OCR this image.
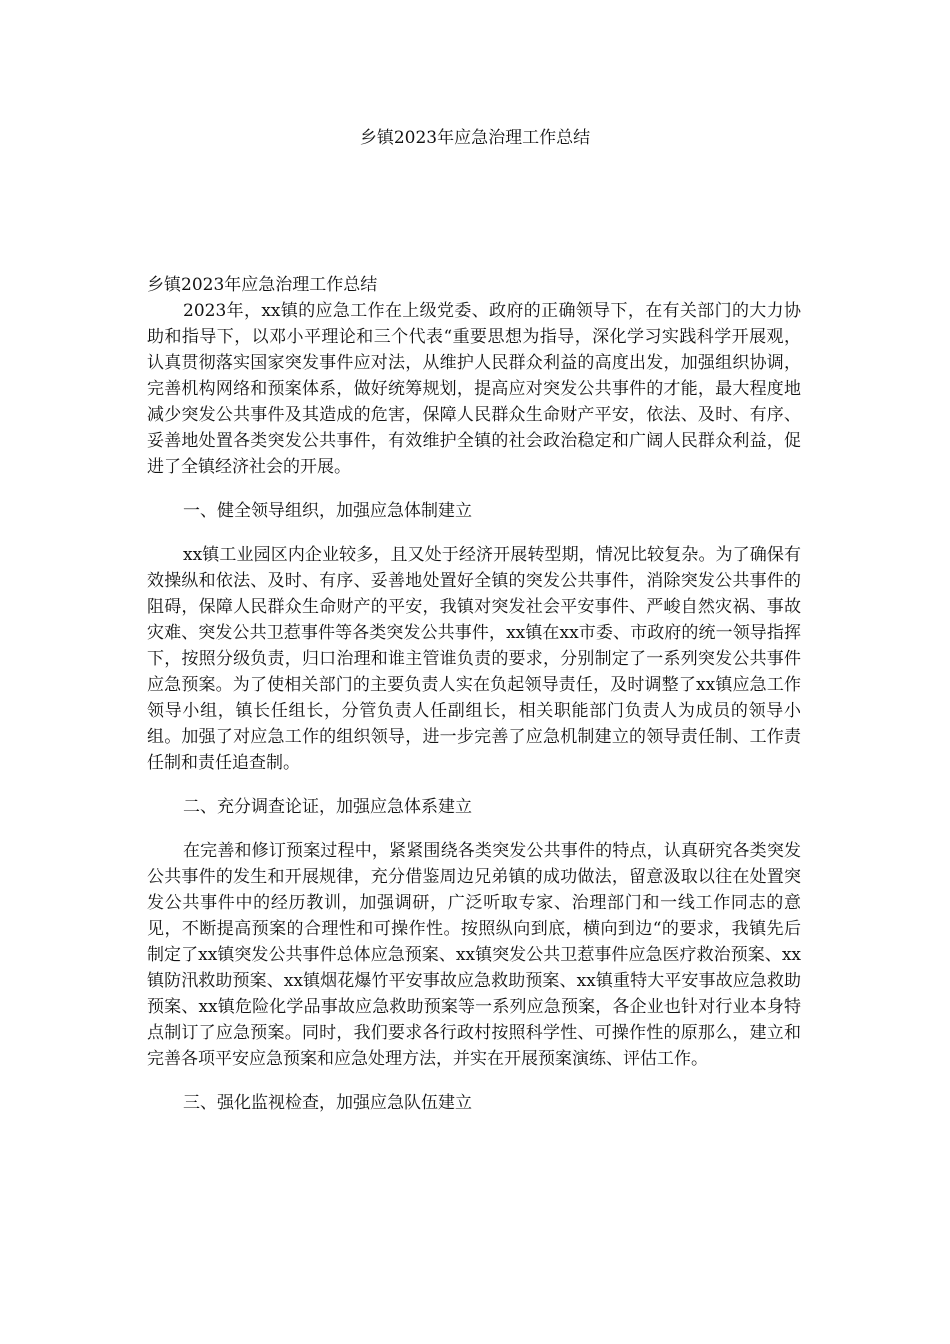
乡镇2023年应急治理工作总结

乡镇2023年应急治理工作总结

2023年，xx镇的应急工作在上级党委、政府的正确领导下，在有关部门的大力协助和指导下，以邓小平理论和三个代表“重要思想为指导，深化学习实践科学开展观，认真贯彻落实国家突发事件应对法，从维护人民群众利益的高度出发，加强组织协调，完善机构网络和预案体系，做好统筹规划，提高应对突发公共事件的才能，最大程度地减少突发公共事件及其造成的危害，保障人民群众生命财产平安，依法、及时、有序、妥善地处置各类突发公共事件，有效维护全镇的社会政治稳定和广阔人民群众利益，促进了全镇经济社会的开展。

一、健全领导组织，加强应急体制建立

xx镇工业园区内企业较多，且又处于经济开展转型期，情况比较复杂。为了确保有效操纵和依法、及时、有序、妥善地处置好全镇的突发公共事件，消除突发公共事件的阻碍，保障人民群众生命财产的平安，我镇对突发社会平安事件、严峻自然灾祸、事故灾难、突发公共卫惹事件等各类突发公共事件，xx镇在xx市委、市政府的统一领导指挥下，按照分级负责，归口治理和谁主管谁负责的要求，分别制定了一系列突发公共事件应急预案。为了使相关部门的主要负责人实在负起领导责任，及时调整了xx镇应急工作领导小组，镇长任组长，分管负责人任副组长，相关职能部门负责人为成员的领导小组。加强了对应急工作的组织领导，进一步完善了应急机制建立的领导责任制、工作责任制和责任追查制。

二、充分调查论证，加强应急体系建立

在完善和修订预案过程中，紧紧围绕各类突发公共事件的特点，认真研究各类突发公共事件的发生和开展规律，充分借鉴周边兄弟镇的成功做法，留意汲取以往在处置突发公共事件中的经历教训，加强调研，广泛听取专家、治理部门和一线工作同志的意见，不断提高预案的合理性和可操作性。按照纵向到底，横向到边“的要求，我镇先后制定了xx镇突发公共事件总体应急预案、xx镇突发公共卫惹事件应急医疗救治预案、xx镇防汛救助预案、xx镇烟花爆竹平安事故应急救助预案、xx镇重特大平安事故应急救助预案、xx镇危险化学品事故应急救助预案等一系列应急预案，各企业也针对行业本身特点制订了应急预案。同时，我们要求各行政村按照科学性、可操作性的原那么，建立和完善各项平安应急预案和应急处理方法，并实在开展预案演练、评估工作。

三、强化监视检查，加强应急队伍建立
